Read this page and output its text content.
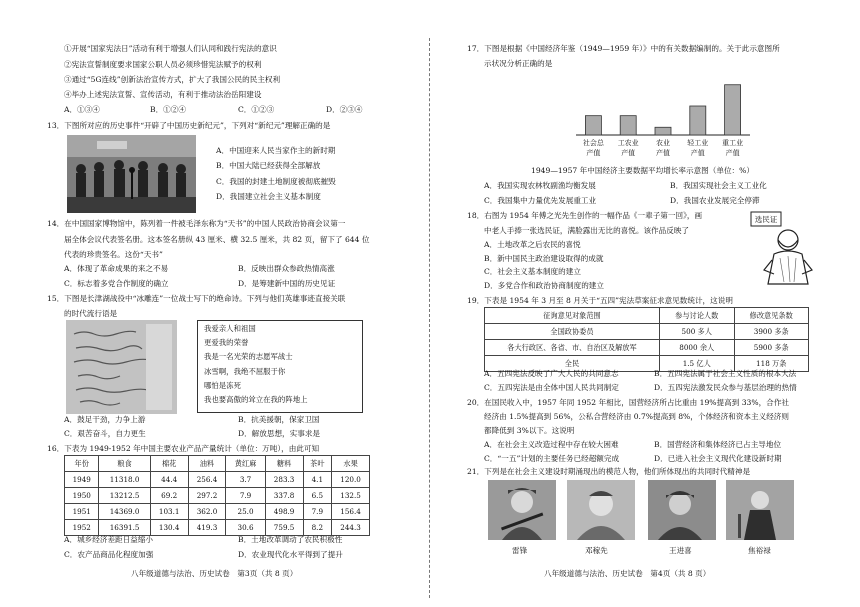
①开展“国家宪法日”活动有利于增强人们认同和践行宪法的意识
②宪法宣誓制度要求国家公职人员必须珍惜宪法赋予的权利
③通过“5G连线”创新法治宣传方式，扩大了我国公民的民主权利
④毕办上述宪法宣誓、宣传活动，有利于推动法治岳阳建设
A．①③④	B．①②④	C．①②③	D．②③④
13．下图所对应的历史事件“开辟了中国历史新纪元”，下列对“新纪元”理解正确的是
A．中国迎来人民当家作主的新时期
B．中国大陆已经获得全部解放
C．我国的封建土地制度被彻底摧毁
D．我国建立社会主义基本制度
14．在中国国家博物馆中，陈列着一件被毛泽东称为“天书”的中国人民政治协商会议第一
届全体会议代表签名册。这本签名册纵 43 厘米、横 32.5 厘米，共 82 页，留下了 644 位
代表的珍贵签名。这份“天书”
A．体现了革命成果的来之不易	B．反映出群众参政热情高涨
C．标志着多党合作制度的确立	D．是筹建新中国的历史见证
15．下图是长津湖战役中“冰雕连”一位战士写下的绝命诗。下列与他们英雄事迹直接关联
的时代流行语是
我爱亲人和祖国
更爱我的荣誉
我是一名光荣的志愿军战士
冰雪啊，我绝不屈服于你
哪怕是冻死
我也要高傲的耸立在我的阵地上
A．鼓足干劲，力争上游	B．抗美援朝，保家卫国
C．艰苦奋斗，自力更生	D．解放思想，实事求是
16．下表为 1949-1952 年中国主要农业产品产量统计（单位：万吨），由此可知
年份	粮食	棉花	油料	黄红麻	糖料	茶叶	水果
1949	11318.0	44.4	256.4	3.7	283.3	4.1	120.0
1950	13212.5	69.2	297.2	7.9	337.8	6.5	132.5
1951	14369.0	103.1	362.0	25.0	498.9	7.9	156.4
1952	16391.5	130.4	419.3	30.6	759.5	8.2	244.3
A．城乡经济差距日益缩小	B．土地改革调动了农民积极性
C．农产品商品化程度加强	D．农业现代化水平得到了提升
八年级道德与法治、历史试卷　第3页（共 8 页）
17．下图是根据《中国经济年鉴（1949—1959 年）》中的有关数据编制的。关于此示意图所
示状况分析正确的是
社会总
产值
工农业
产值
农业
产值
轻工业
产值
重工业
产值
1949—1957 年中国经济主要数据平均增长率示意图（单位：%）
A．我国实现农林牧副渔均衡发展	B．我国实现社会主义工业化
C．我国集中力量优先发展重工业	D．我国农业发展完全停滞
18．右图为 1954 年傅之光先生创作的一幅作品《一辈子第一回》，画
中老人手捧一张选民证，满脸露出无比的喜悦。该作品反映了
A．土地改革之后农民的喜悦
B．新中国民主政治建设取得的成就
C．社会主义基本制度的建立
D．多党合作和政治协商制度的建立
选民证
19．下表是 1954 年 3 月至 8 月关于“五四”宪法草案征求意见数统计，这说明
征询意见对象范围	参与讨论人数	修改意见条数
全国政协委员	500 多人	3900 多条
各大行政区、各省、市、自治区及解放军	8000 余人	5900 多条
全民	1.5 亿人	118 万条
A．五四宪法反映了广大人民的共同意志	B．五四宪法属于社会主义性质的根本大法
C．五四宪法是由全体中国人民共同制定	D．五四宪法激发民众参与基层治理的热情
20．在国民收入中，1957 年同 1952 年相比，国营经济所占比重由 19%提高到 33%，合作社
经济由 1.5%提高到 56%，公私合营经济由 0.7%提高到 8%，个体经济和资本主义经济则
都降低到 3%以下。这说明
A．在社会主义改造过程中存在较大困难	B．国营经济和集体经济已占主导地位
C．“一五”计划的主要任务已经超额完成	D．已进入社会主义现代化建设新时期
21．下列是在社会主义建设时期涌现出的模范人物，他们所体现出的共同时代精神是
雷锋	邓稼先	王进喜	焦裕禄
八年级道德与法治、历史试卷　第4页（共 8 页）
